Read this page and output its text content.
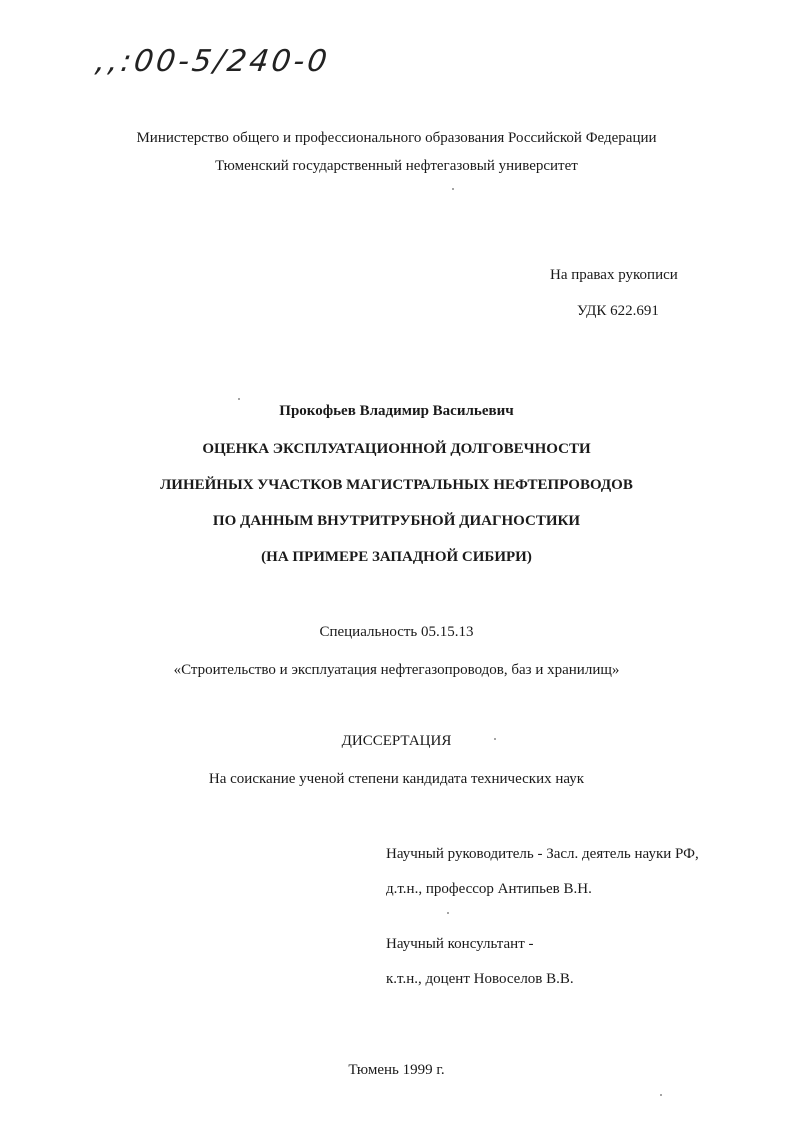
,,:00-5/240-0
Министерство общего и профессионального образования Российской Федерации
Тюменский государственный нефтегазовый университет
На правах рукописи
УДК 622.691
Прокофьев Владимир Васильевич
ОЦЕНКА ЭКСПЛУАТАЦИОННОЙ ДОЛГОВЕЧНОСТИ
ЛИНЕЙНЫХ УЧАСТКОВ МАГИСТРАЛЬНЫХ НЕФТЕПРОВОДОВ
ПО ДАННЫМ ВНУТРИТРУБНОЙ ДИАГНОСТИКИ
(НА ПРИМЕРЕ ЗАПАДНОЙ СИБИРИ)
Специальность 05.15.13
«Строительство и эксплуатация нефтегазопроводов, баз и хранилищ»
ДИССЕРТАЦИЯ
На соискание ученой степени кандидата технических наук
Научный руководитель - Засл. деятель науки РФ,
д.т.н., профессор Антипьев В.Н.
Научный консультант -
к.т.н., доцент Новоселов В.В.
Тюмень 1999 г.
